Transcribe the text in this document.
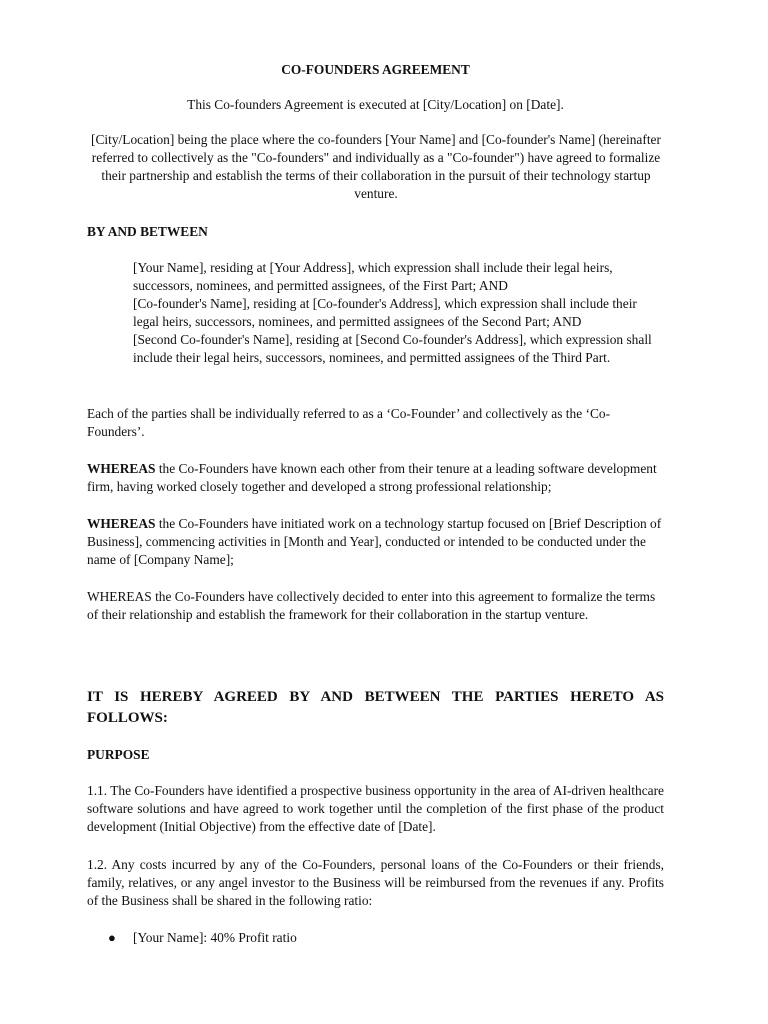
CO-FOUNDERS AGREEMENT

This Co-founders Agreement is executed at [City/Location] on [Date].

[City/Location] being the place where the co-founders [Your Name] and [Co-founder's Name] (hereinafter referred to collectively as the "Co-founders" and individually as a "Co-founder") have agreed to formalize their partnership and establish the terms of their collaboration in the pursuit of their technology startup venture.

BY AND BETWEEN

[Your Name], residing at [Your Address], which expression shall include their legal heirs, successors, nominees, and permitted assignees, of the First Part; AND
[Co-founder's Name], residing at [Co-founder's Address], which expression shall include their legal heirs, successors, nominees, and permitted assignees of the Second Part; AND
[Second Co-founder's Name], residing at [Second Co-founder's Address], which expression shall include their legal heirs, successors, nominees, and permitted assignees of the Third Part.

Each of the parties shall be individually referred to as a ‘Co-Founder’ and collectively as the ‘Co-Founders’.

WHEREAS the Co-Founders have known each other from their tenure at a leading software development firm, having worked closely together and developed a strong professional relationship;

WHEREAS the Co-Founders have initiated work on a technology startup focused on [Brief Description of Business], commencing activities in [Month and Year], conducted or intended to be conducted under the name of [Company Name];

WHEREAS the Co-Founders have collectively decided to enter into this agreement to formalize the terms of their relationship and establish the framework for their collaboration in the startup venture.

IT IS HEREBY AGREED BY AND BETWEEN THE PARTIES HERETO AS FOLLOWS:

PURPOSE

1.1. The Co-Founders have identified a prospective business opportunity in the area of AI-driven healthcare software solutions and have agreed to work together until the completion of the first phase of the product development (Initial Objective) from the effective date of [Date].

1.2. Any costs incurred by any of the Co-Founders, personal loans of the Co-Founders or their friends, family, relatives, or any angel investor to the Business will be reimbursed from the revenues if any. Profits of the Business shall be shared in the following ratio:

● [Your Name]: 40% Profit ratio
